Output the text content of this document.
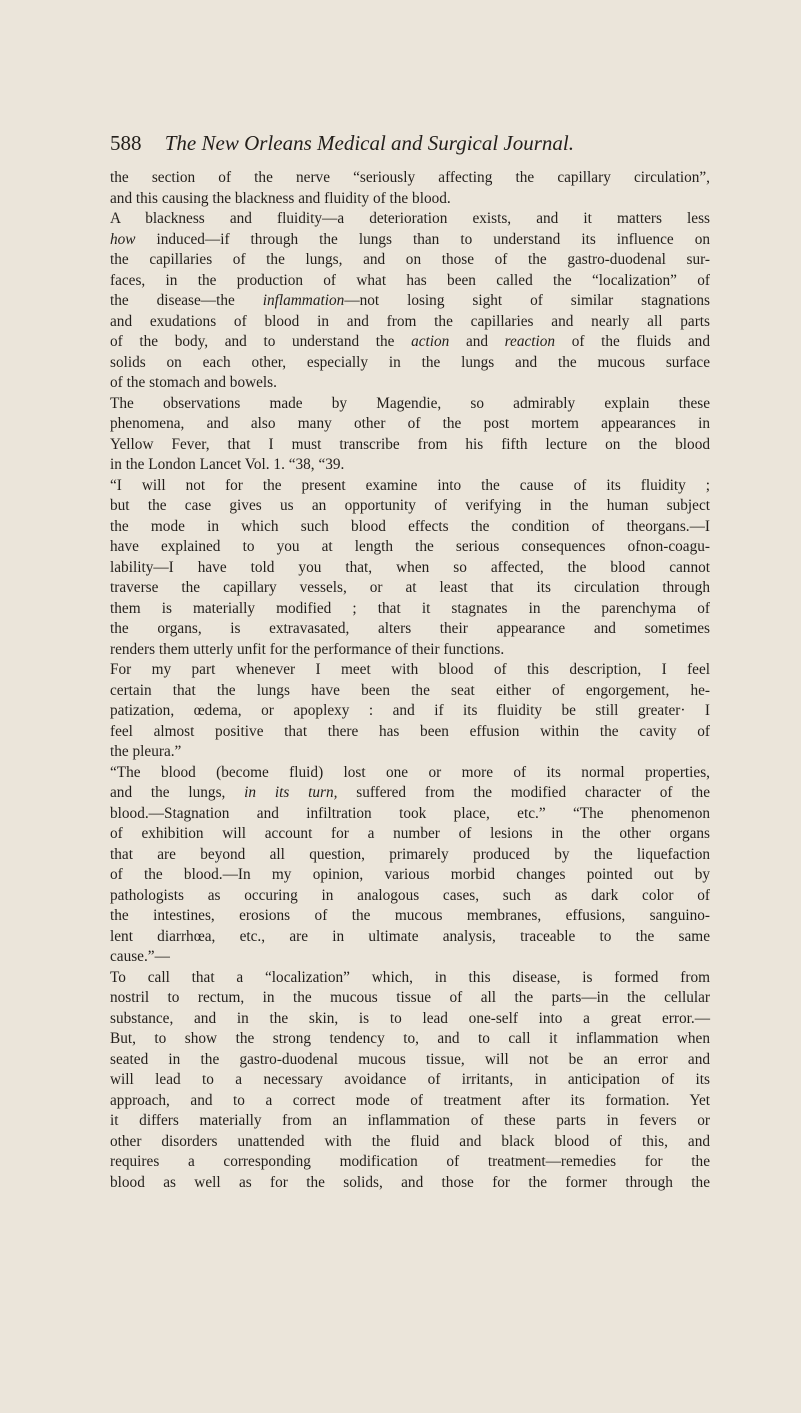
588 The New Orleans Medical and Surgical Journal.
the section of the nerve “seriously affecting the capillary circulation”,
and this causing the blackness and fluidity of the blood.
A blackness and fluidity—a deterioration exists, and it matters less
how induced—if through the lungs than to understand its influence on
the capillaries of the lungs, and on those of the gastro-duodenal sur-
faces, in the production of what has been called the “localization” of
the disease—the inflammation—not losing sight of similar stagnations
and exudations of blood in and from the capillaries and nearly all parts
of the body, and to understand the action and reaction of the fluids and
solids on each other, especially in the lungs and the mucous surface
of the stomach and bowels.
The observations made by Magendie, so admirably explain these
phenomena, and also many other of the post mortem appearances in
Yellow Fever, that I must transcribe from his fifth lecture on the blood
in the London Lancet Vol. 1. “38, “39.
“I will not for the present examine into the cause of its fluidity ;
but the case gives us an opportunity of verifying in the human subject
the mode in which such blood effects the condition of theorgans.—I
have explained to you at length the serious consequences ofnon-coagu-
lability—I have told you that, when so affected, the blood cannot
traverse the capillary vessels, or at least that its circulation through
them is materially modified ; that it stagnates in the parenchyma of
the organs, is extravasated, alters their appearance and sometimes
renders them utterly unfit for the performance of their functions.
For my part whenever I meet with blood of this description, I feel
certain that the lungs have been the seat either of engorgement, he-
patization, œdema, or apoplexy : and if its fluidity be still greater· I
feel almost positive that there has been effusion within the cavity of
the pleura.”
“The blood (become fluid) lost one or more of its normal properties,
and the lungs, in its turn, suffered from the modified character of the
blood.—Stagnation and infiltration took place, etc.” “The phenomenon
of exhibition will account for a number of lesions in the other organs
that are beyond all question, primarely produced by the liquefaction
of the blood.—In my opinion, various morbid changes pointed out by
pathologists as occuring in analogous cases, such as dark color of
the intestines, erosions of the mucous membranes, effusions, sanguino-
lent diarrhœa, etc., are in ultimate analysis, traceable to the same
cause.”—
To call that a “localization” which, in this disease, is formed from
nostril to rectum, in the mucous tissue of all the parts—in the cellular
substance, and in the skin, is to lead one-self into a great error.—
But, to show the strong tendency to, and to call it inflammation when
seated in the gastro-duodenal mucous tissue, will not be an error and
will lead to a necessary avoidance of irritants, in anticipation of its
approach, and to a correct mode of treatment after its formation. Yet
it differs materially from an inflammation of these parts in fevers or
other disorders unattended with the fluid and black blood of this, and
requires a corresponding modification of treatment—remedies for the
blood as well as for the solids, and those for the former through the
